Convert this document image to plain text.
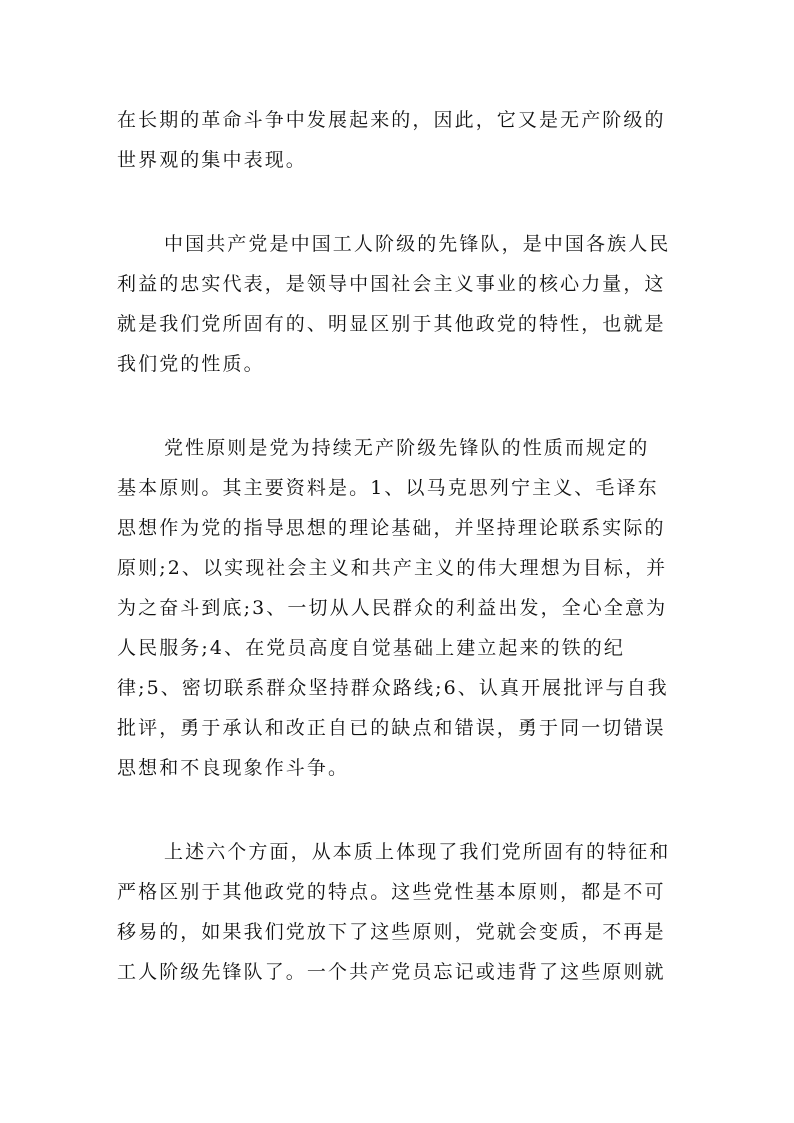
在长期的革命斗争中发展起来的，因此，它又是无产阶级的
世界观的集中表现。
中国共产党是中国工人阶级的先锋队，是中国各族人民
利益的忠实代表，是领导中国社会主义事业的核心力量，这
就是我们党所固有的、明显区别于其他政党的特性，也就是
我们党的性质。
党性原则是党为持续无产阶级先锋队的性质而规定的
基本原则。其主要资料是。1、以马克思列宁主义、毛译东
思想作为党的指导思想的理论基础，并坚持理论联系实际的
原则;2、以实现社会主义和共产主义的伟大理想为目标，并
为之奋斗到底;3、一切从人民群众的利益出发，全心全意为
人民服务;4、在党员高度自觉基础上建立起来的铁的纪
律;5、密切联系群众坚持群众路线;6、认真开展批评与自我
批评，勇于承认和改正自已的缺点和错误，勇于同一切错误
思想和不良现象作斗争。
上述六个方面，从本质上体现了我们党所固有的特征和
严格区别于其他政党的特点。这些党性基本原则，都是不可
移易的，如果我们党放下了这些原则，党就会变质，不再是
工人阶级先锋队了。一个共产党员忘记或违背了这些原则就
